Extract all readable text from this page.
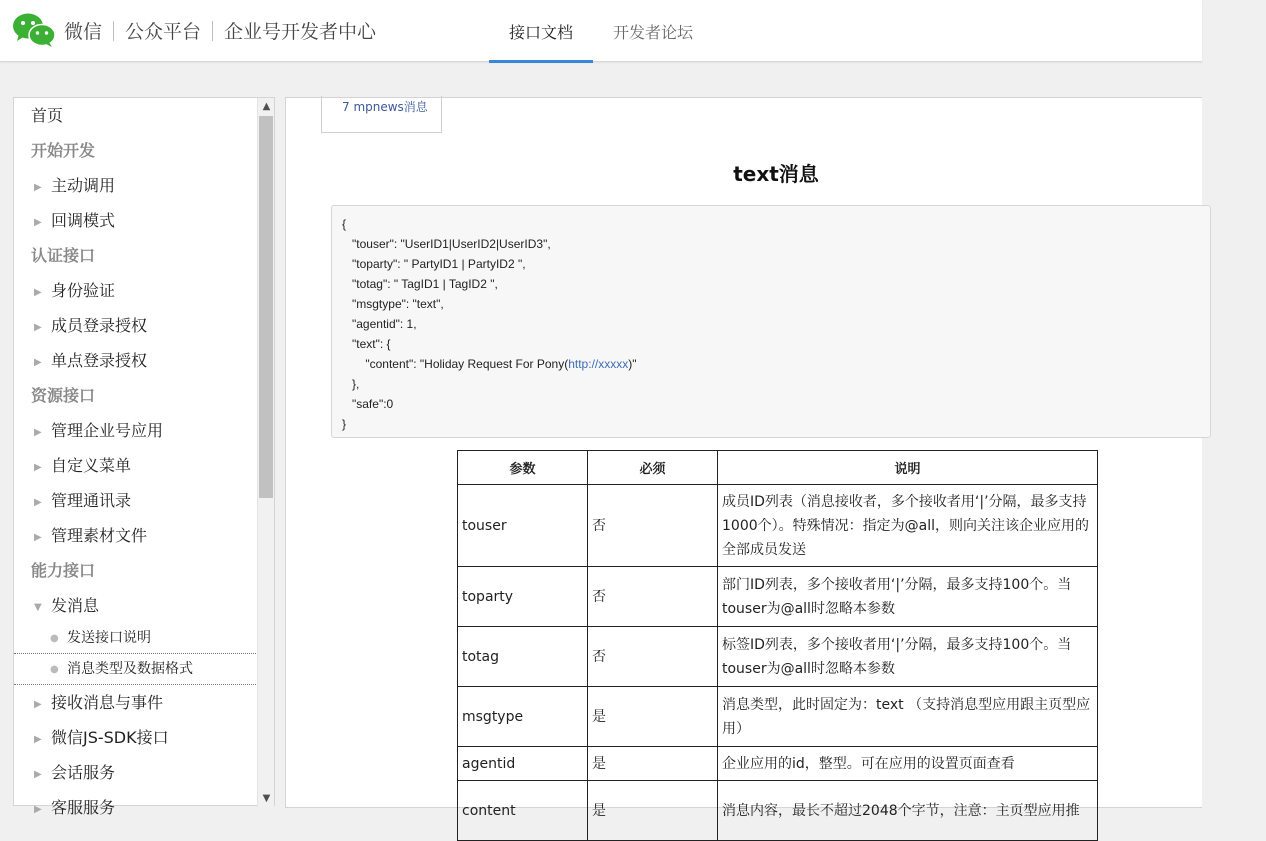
微信 公众平台 企业号开发者中心	接口文档	开发者论坛
首页
开始开发
▶ 主动调用
▶ 回调模式
认证接口
▶ 身份验证
▶ 成员登录授权
▶ 单点登录授权
资源接口
▶ 管理企业号应用
▶ 自定义菜单
▶ 管理通讯录
▶ 管理素材文件
能力接口
▼ 发消息
● 发送接口说明
● 消息类型及数据格式
▶ 接收消息与事件
▶ 微信JS-SDK接口
▶ 会话服务
▶ 客服服务
▲
▼
7 mpnews消息
text消息
{
"touser": "UserID1|UserID2|UserID3",
"toparty": " PartyID1 | PartyID2 ",
"totag": " TagID1 | TagID2 ",
"msgtype": "text",
"agentid": 1,
"text": {
"content": "Holiday Request For Pony(http://xxxxx)"
},
"safe":0
}
参数	必须	说明
touser	否	成员ID列表（消息接收者，多个接收者用‘|’分隔，最多支持1000个）。特殊情况：指定为@all，则向关注该企业应用的全部成员发送
toparty	否	部门ID列表，多个接收者用‘|’分隔，最多支持100个。当touser为@all时忽略本参数
totag	否	标签ID列表，多个接收者用‘|’分隔，最多支持100个。当touser为@all时忽略本参数
msgtype	是	消息类型，此时固定为：text （支持消息型应用跟主页型应用）
agentid	是	企业应用的id，整型。可在应用的设置页面查看
content	是	消息内容，最长不超过2048个字节，注意：主页型应用推
